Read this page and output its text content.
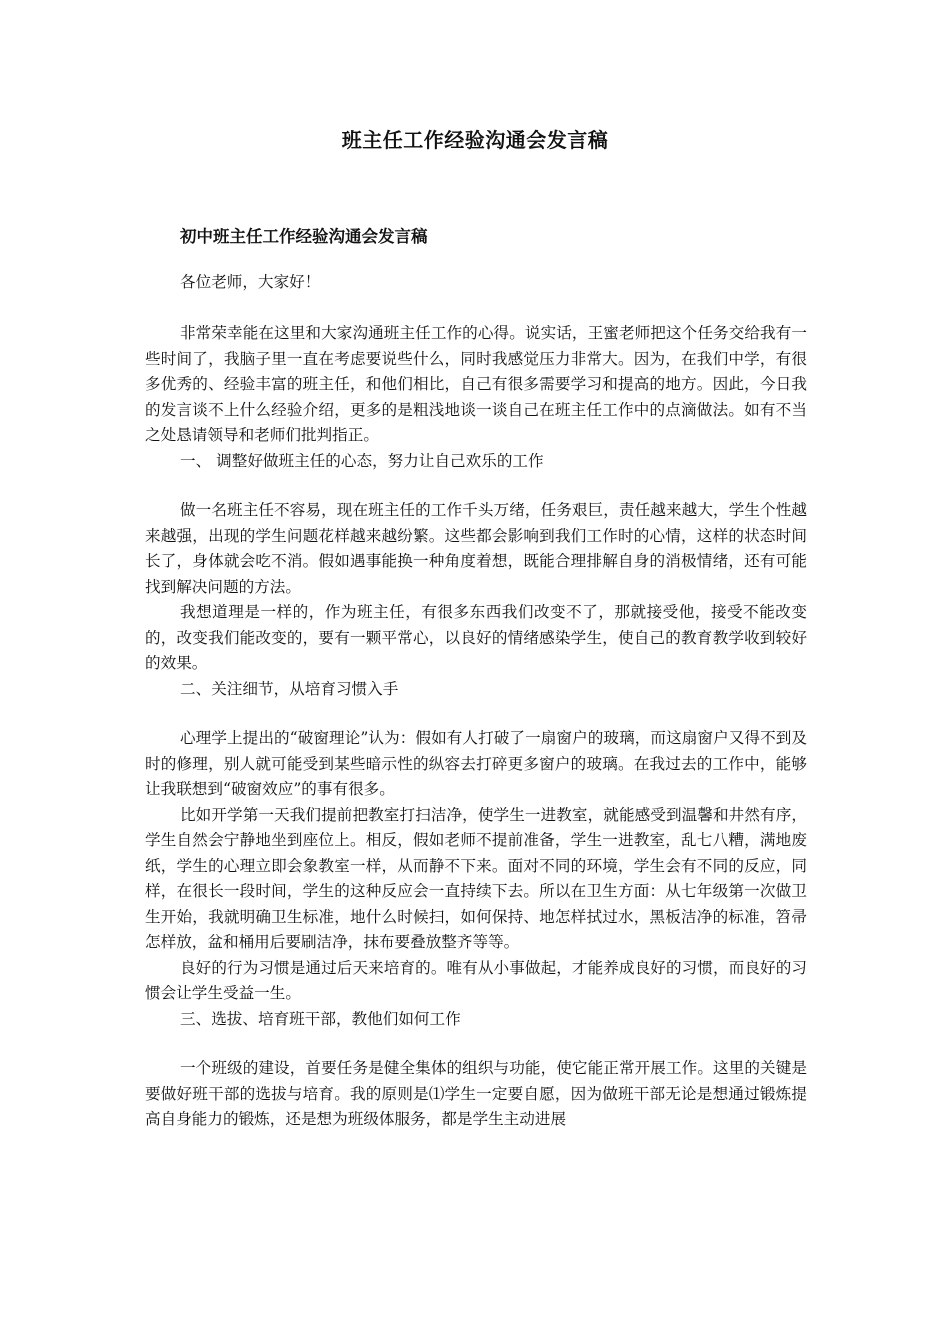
班主任工作经验沟通会发言稿

初中班主任工作经验沟通会发言稿

各位老师，大家好！

非常荣幸能在这里和大家沟通班主任工作的心得。说实话，王蜜老师把这个任务交给我有一些时间了，我脑子里一直在考虑要说些什么，同时我感觉压力非常大。因为，在我们中学，有很多优秀的、经验丰富的班主任，和他们相比，自己有很多需要学习和提高的地方。因此，今日我的发言谈不上什么经验介绍，更多的是粗浅地谈一谈自己在班主任工作中的点滴做法。如有不当之处恳请领导和老师们批判指正。

一、 调整好做班主任的心态，努力让自己欢乐的工作

做一名班主任不容易，现在班主任的工作千头万绪，任务艰巨，责任越来越大，学生个性越来越强，出现的学生问题花样越来越纷繁。这些都会影响到我们工作时的心情，这样的状态时间长了，身体就会吃不消。假如遇事能换一种角度着想，既能合理排解自身的消极情绪，还有可能找到解决问题的方法。

我想道理是一样的，作为班主任，有很多东西我们改变不了，那就接受他，接受不能改变的，改变我们能改变的，要有一颗平常心，以良好的情绪感染学生，使自己的教育教学收到较好的效果。

二、关注细节，从培育习惯入手

心理学上提出的“破窗理论”认为：假如有人打破了一扇窗户的玻璃，而这扇窗户又得不到及时的修理，别人就可能受到某些暗示性的纵容去打碎更多窗户的玻璃。在我过去的工作中，能够让我联想到“破窗效应”的事有很多。

比如开学第一天我们提前把教室打扫洁净，使学生一进教室，就能感受到温馨和井然有序，学生自然会宁静地坐到座位上。相反，假如老师不提前准备，学生一进教室，乱七八糟，满地废纸，学生的心理立即会象教室一样，从而静不下来。面对不同的环境，学生会有不同的反应，同样，在很长一段时间，学生的这种反应会一直持续下去。所以在卫生方面：从七年级第一次做卫生开始，我就明确卫生标准，地什么时候扫，如何保持、地怎样拭过水，黑板洁净的标准，笤帚怎样放，盆和桶用后要刷洁净，抹布要叠放整齐等等。

良好的行为习惯是通过后天来培育的。唯有从小事做起，才能养成良好的习惯，而良好的习惯会让学生受益一生。

三、选拔、培育班干部，教他们如何工作

一个班级的建设，首要任务是健全集体的组织与功能，使它能正常开展工作。这里的关键是要做好班干部的选拔与培育。我的原则是⑴学生一定要自愿，因为做班干部无论是想通过锻炼提高自身能力的锻炼，还是想为班级体服务，都是学生主动进展
